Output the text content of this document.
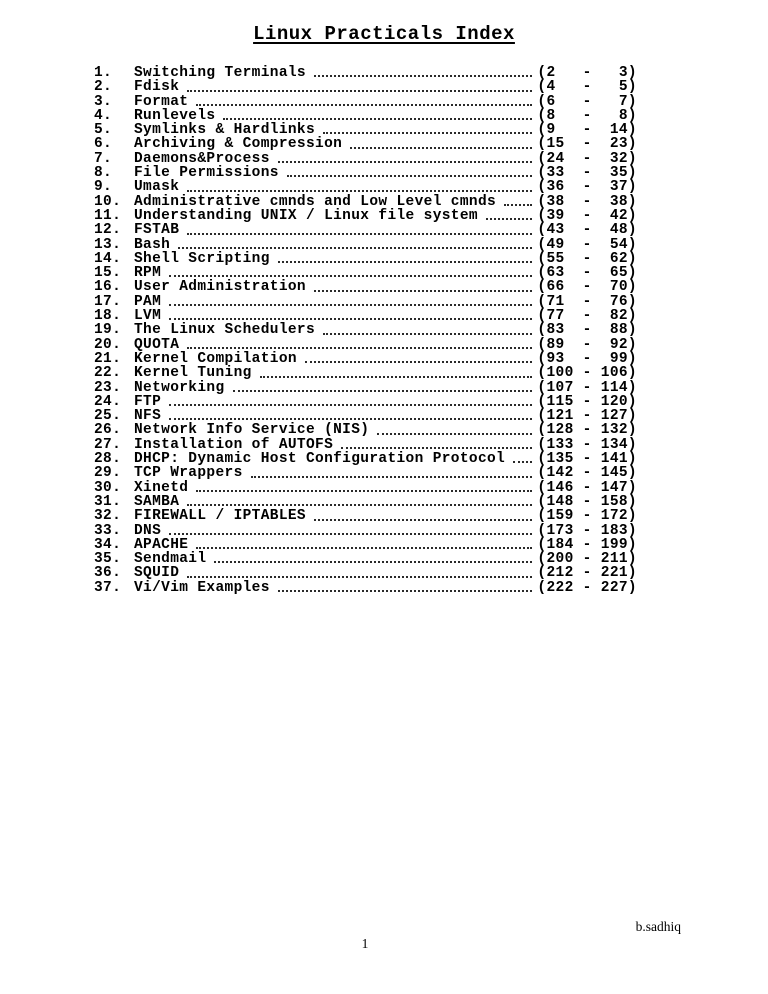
Linux Practicals Index
1.	Switching Terminals	(2   -   3)
2.	Fdisk	(4   -   5)
3.	Format	(6   -   7)
4.	Runlevels	(8   -   8)
5.	Symlinks & Hardlinks	(9   -  14)
6.	Archiving & Compression	(15  -  23)
7.	Daemons&Process	(24  -  32)
8.	File Permissions	(33  -  35)
9.	Umask	(36  -  37)
10. Administrative cmnds and Low Level cmnds	(38  -  38)
11. Understanding UNIX / Linux file system	(39  -  42)
12. FSTAB	(43  -  48)
13. Bash	(49  -  54)
14. Shell Scripting	(55  -  62)
15. RPM	(63  -  65)
16. User Administration	(66  -  70)
17. PAM	(71  -  76)
18. LVM	(77  -  82)
19. The Linux Schedulers	(83  -  88)
20. QUOTA	(89  -  92)
21. Kernel Compilation	(93  -  99)
22. Kernel Tuning	(100 - 106)
23. Networking	(107 - 114)
24. FTP	(115 - 120)
25. NFS	(121 - 127)
26. Network Info Service (NIS)	(128 - 132)
27. Installation of AUTOFS	(133 - 134)
28. DHCP: Dynamic Host Configuration Protocol (135 - 141)
29. TCP Wrappers	(142 - 145)
30. Xinetd	(146 - 147)
31. SAMBA	(148 - 158)
32. FIREWALL / IPTABLES	(159 - 172)
33. DNS	(173 - 183)
34. APACHE	(184 - 199)
35. Sendmail	(200 - 211)
36. SQUID	(212 - 221)
37. Vi/Vim Examples	(222 - 227)
b.sadhiq
1
